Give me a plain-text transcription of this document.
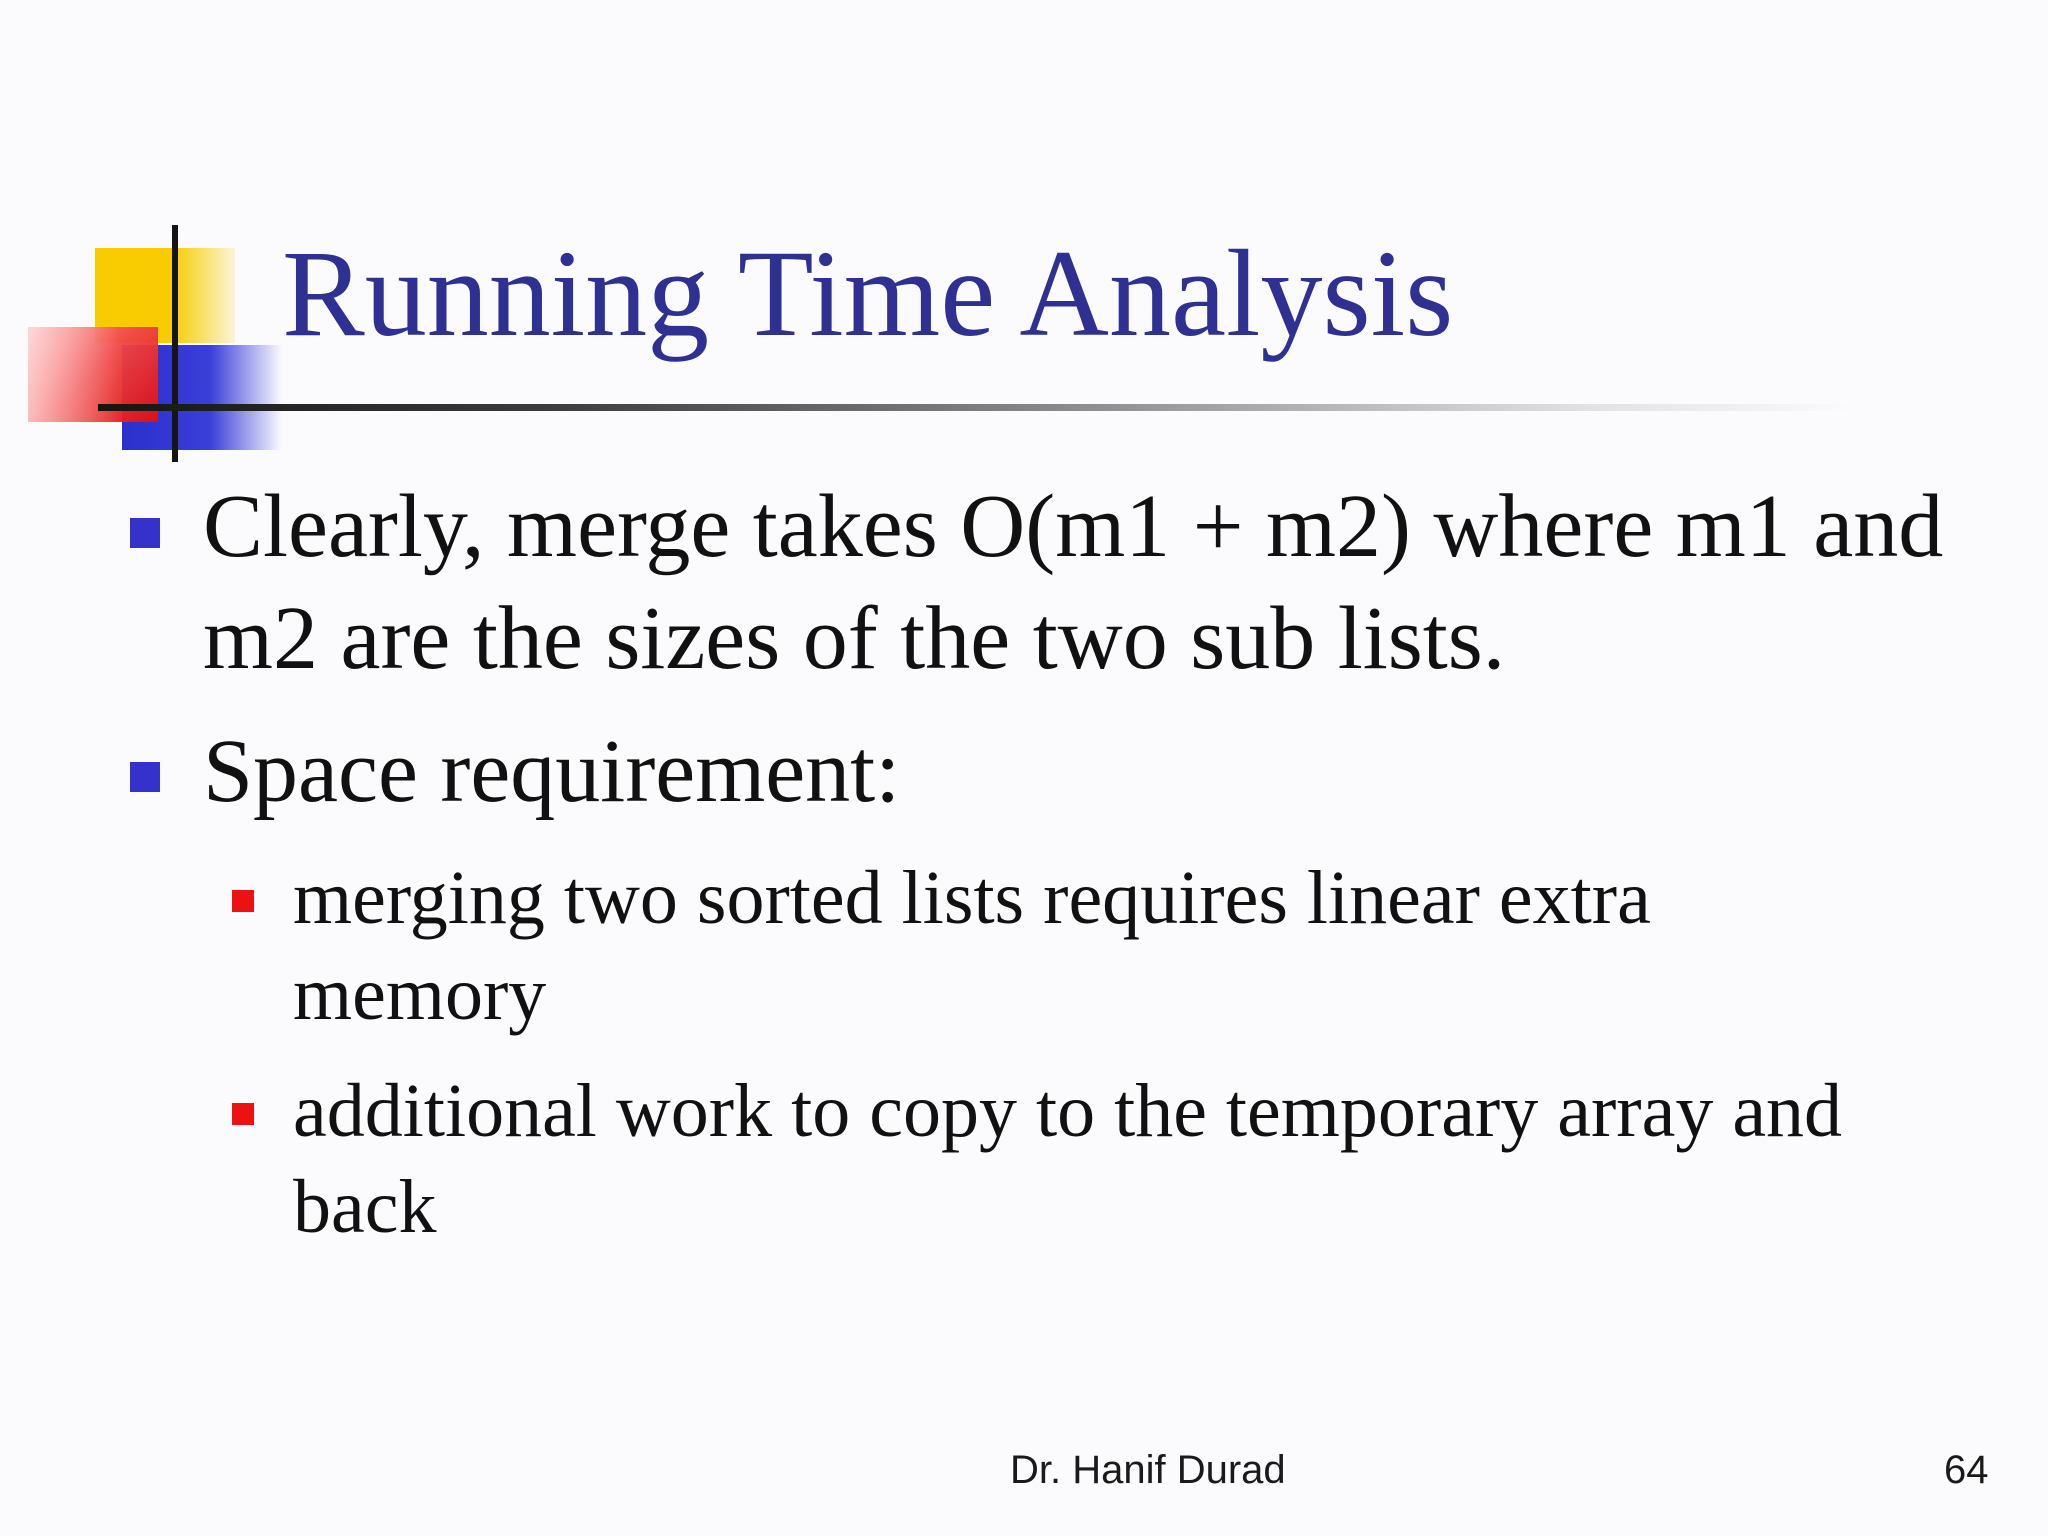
Running Time Analysis
Clearly, merge takes O(m1 + m2) where m1 and
m2 are the sizes of the two sub lists.
Space requirement:
merging two sorted lists requires linear extra
memory
additional work to copy to the temporary array and
back
Dr. Hanif Durad	64
